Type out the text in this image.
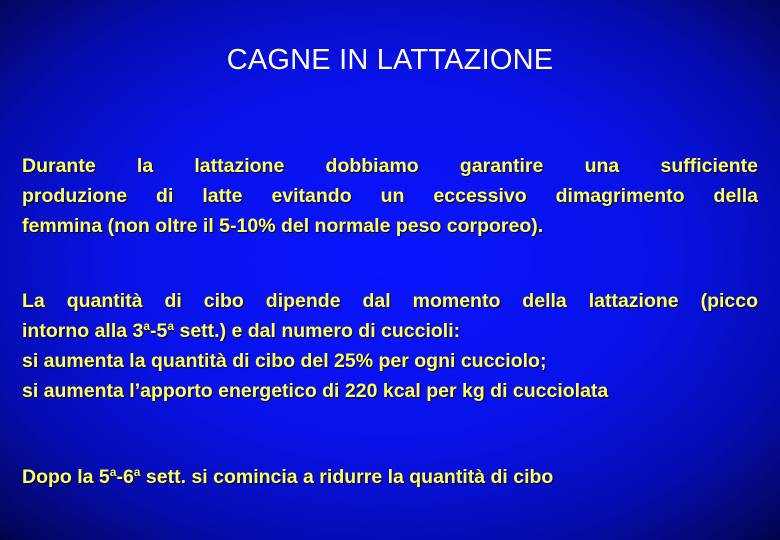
CAGNE IN LATTAZIONE
Durante la lattazione dobbiamo garantire una sufficiente
produzione di latte evitando un eccessivo dimagrimento della
femmina (non oltre il 5-10% del normale peso corporeo).
La quantità di cibo dipende dal momento della lattazione (picco
intorno alla 3$^a$-5$^a$ sett.) e dal numero di cuccioli:
si aumenta la quantità di cibo del 25% per ogni cucciolo;
si aumenta l’apporto energetico di 220 kcal per kg di cucciolata
Dopo la 5$^a$-6$^a$ sett. si comincia a ridurre la quantità di cibo
